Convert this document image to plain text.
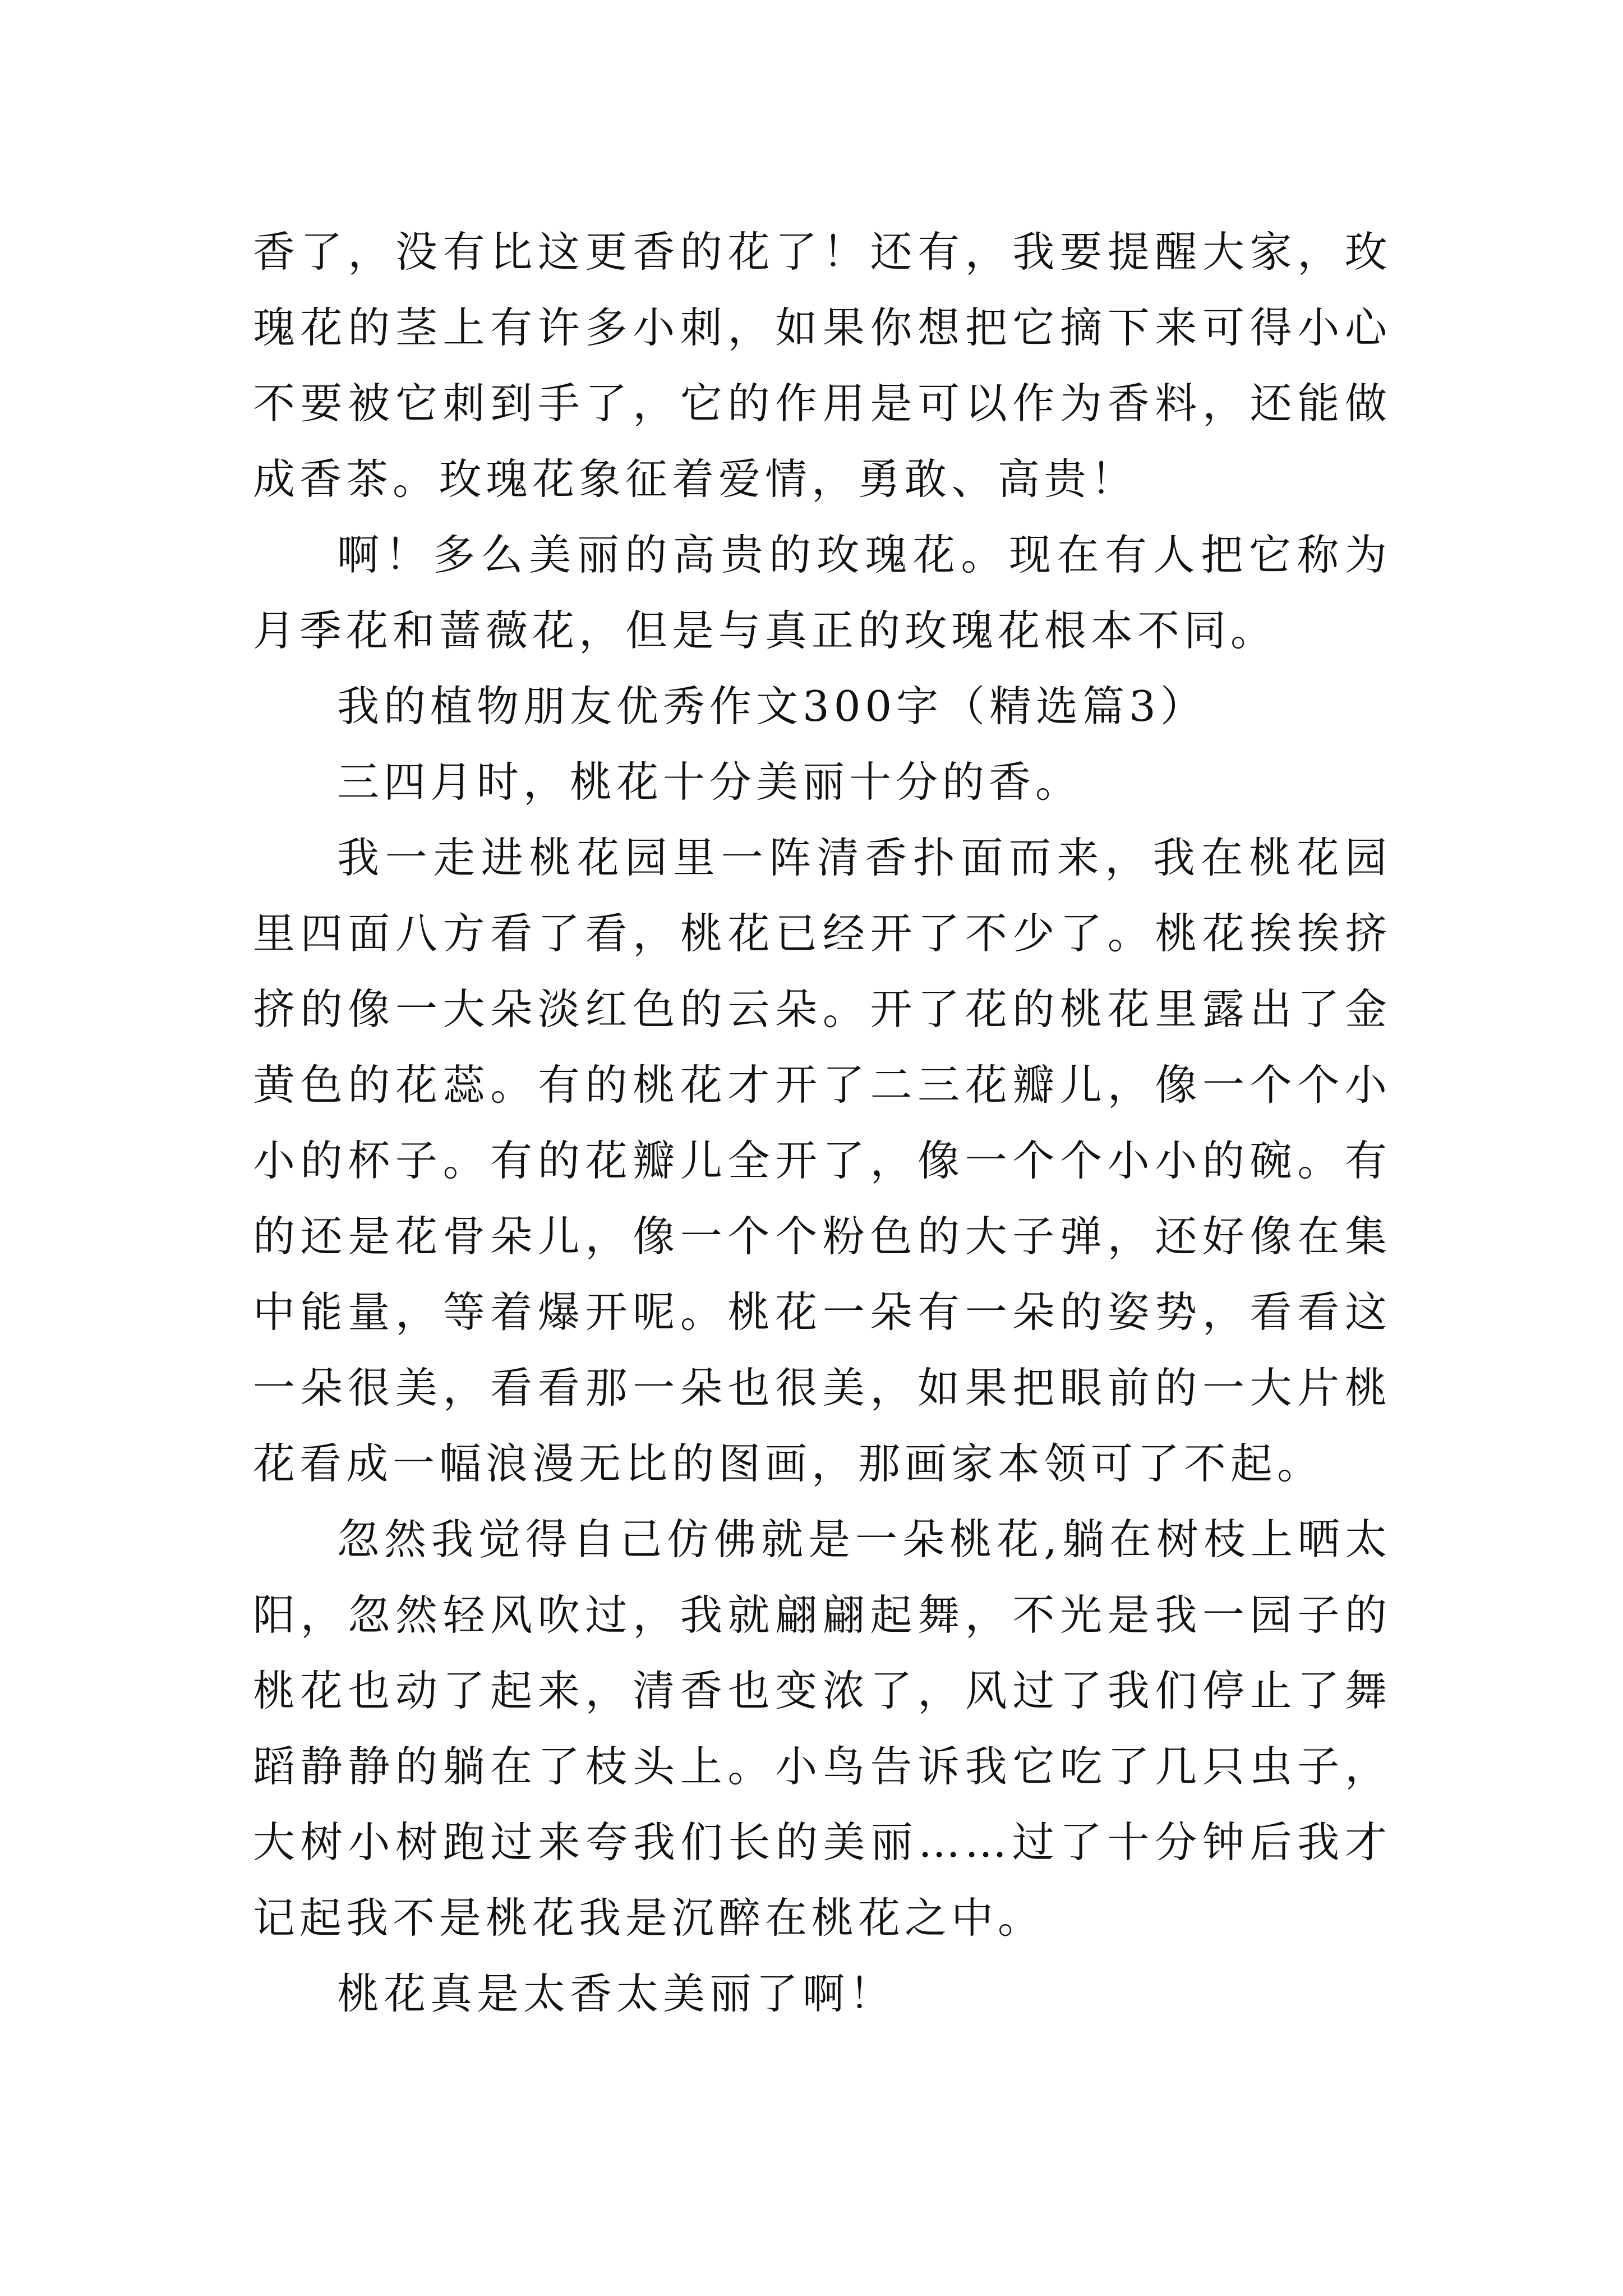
香了，没有比这更香的花了！还有，我要提醒大家，玫瑰花的茎上有许多小刺，如果你想把它摘下来可得小心不要被它刺到手了，它的作用是可以作为香料，还能做成香茶。玫瑰花象征着爱情，勇敢、高贵！

啊！多么美丽的高贵的玫瑰花。现在有人把它称为月季花和蔷薇花，但是与真正的玫瑰花根本不同。

我的植物朋友优秀作文300字（精选篇3）

三四月时，桃花十分美丽十分的香。

我一走进桃花园里一阵清香扑面而来，我在桃花园里四面八方看了看，桃花已经开了不少了。桃花挨挨挤挤的像一大朵淡红色的云朵。开了花的桃花里露出了金黄色的花蕊。有的桃花才开了二三花瓣儿，像一个个小小的杯子。有的花瓣儿全开了，像一个个小小的碗。有的还是花骨朵儿，像一个个粉色的大子弹，还好像在集中能量，等着爆开呢。桃花一朵有一朵的姿势，看看这一朵很美，看看那一朵也很美，如果把眼前的一大片桃花看成一幅浪漫无比的图画，那画家本领可了不起。

忽然我觉得自己仿佛就是一朵桃花,躺在树枝上晒太阳，忽然轻风吹过，我就翩翩起舞，不光是我一园子的桃花也动了起来，清香也变浓了，风过了我们停止了舞蹈静静的躺在了枝头上。小鸟告诉我它吃了几只虫子，大树小树跑过来夸我们长的美丽……过了十分钟后我才记起我不是桃花我是沉醉在桃花之中。

桃花真是太香太美丽了啊！
